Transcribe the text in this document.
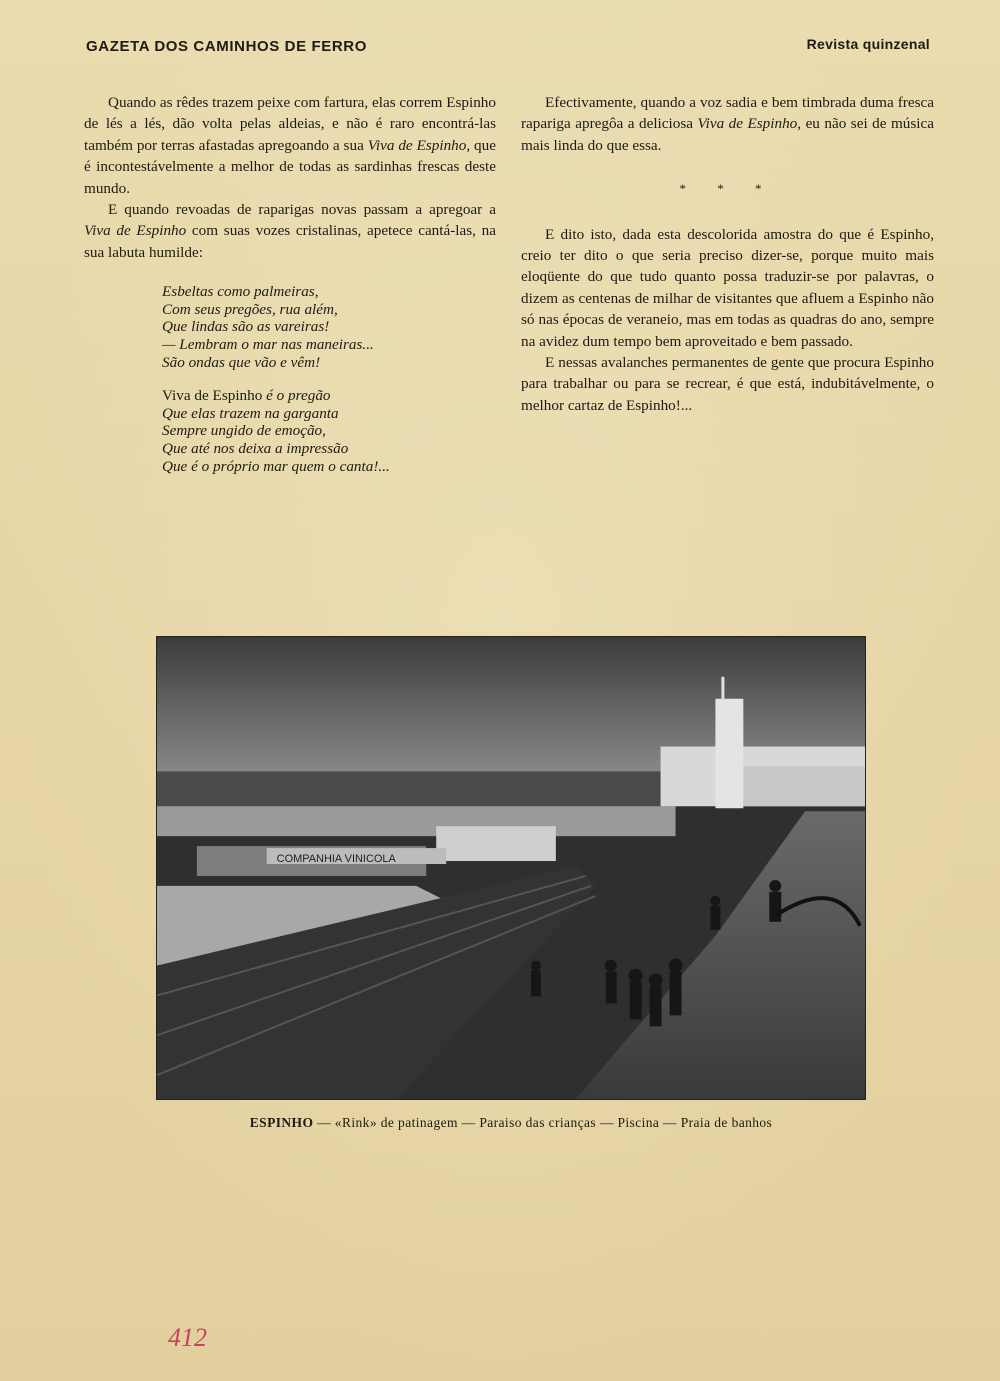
GAZETA DOS CAMINHOS DE FERRO	Revista quinzenal

Quando as rêdes trazem peixe com fartura, elas correm Espinho de lés a lés, dão volta pelas aldeias, e não é raro encontrá-las também por terras afastadas apregoando a sua Viva de Espinho, que é incontestávelmente a melhor de todas as sardinhas frescas deste mundo.

E quando revoadas de raparigas novas passam a apregoar a Viva de Espinho com suas vozes cristalinas, apetece cantá-las, na sua labuta humilde:

Esbeltas como palmeiras,
Com seus pregões, rua além,
Que lindas são as vareiras!
— Lembram o mar nas maneiras...
São ondas que vão e vêm!
Viva de Espinho é o pregão
Que elas trazem na garganta
Sempre ungido de emoção,
Que até nos deixa a impressão
Que é o próprio mar quem o canta!...

Efectivamente, quando a voz sadia e bem timbrada duma fresca rapariga apregôa a deliciosa Viva de Espinho, eu não sei de música mais linda do que essa.

* * *

E dito isto, dada esta descolorida amostra do que é Espinho, creio ter dito o que seria preciso dizer-se, porque muito mais eloqüente do que tudo quanto possa traduzir-se por palavras, o dizem as centenas de milhar de visitantes que afluem a Espinho não só nas épocas de veraneio, mas em todas as quadras do ano, sempre na avidez dum tempo bem aproveitado e bem passado.

E nessas avalanches permanentes de gente que procura Espinho para trabalhar ou para se recrear, é que está, indubitávelmente, o melhor cartaz de Espinho!...

COMPANHIA VINICOLA
ESPINHO — «Rink» de patinagem — Paraiso das crianças — Piscina — Praia de banhos
412
